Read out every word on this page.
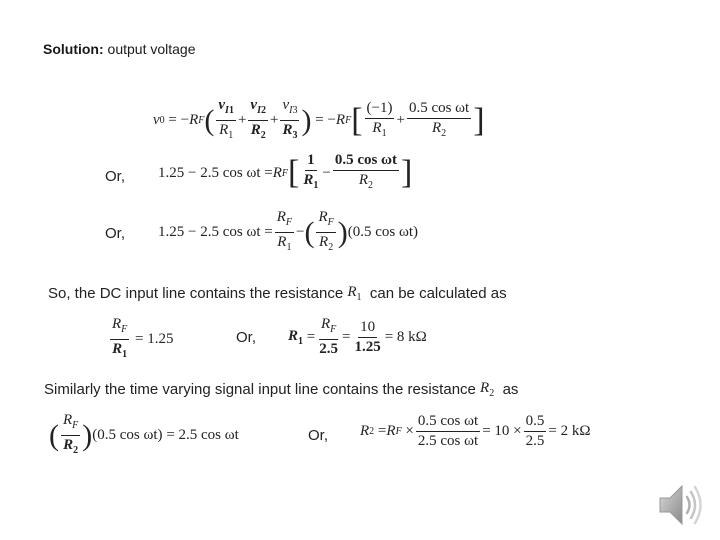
Solution: output voltage
v 0 = − R F ( $\frac{v_{I1}}{R_1} + \frac{v_{I2}}{R_2} + \frac{v_{I3}}{R_3}$ ) = − R F [ $\frac{(-1)}{R_1} + \frac{\text{0.5 cos ωt}}{R_2}$ ]
Or, 1.25 − 2.5 cos ωt = R F [ $\frac{1}{R_1} - \frac{\text{0.5 cos ωt}}{R_2}$ ]
Or, 1.25 − 2.5 $\cos \omega t = \frac{R_F}{R_1}$ − ( $\frac{R_F}{R_2}$ ) (0.5 cos ωt)
So, the DC input line contains the resistance
$R_1$
can be calculated as
$\frac{R_F}{R_1}$
= 1.25	Or, $R_1 = \frac{R_F}{2.5} = \frac{10}{1.25} = 8$ kΩ
Similarly the time varying signal input line contains the resistance
$R_2$
as
( $\frac{R_F}{R_2}$ ) (0.5 cos ωt)
= 2.5 cos ωt	Or, R 2 = R $F \times \frac{\text{0.5 cos ωt}}{\text{2.5 cos ωt}} = 10 \times \frac{0.5}{2.5} = 2$ kΩ
